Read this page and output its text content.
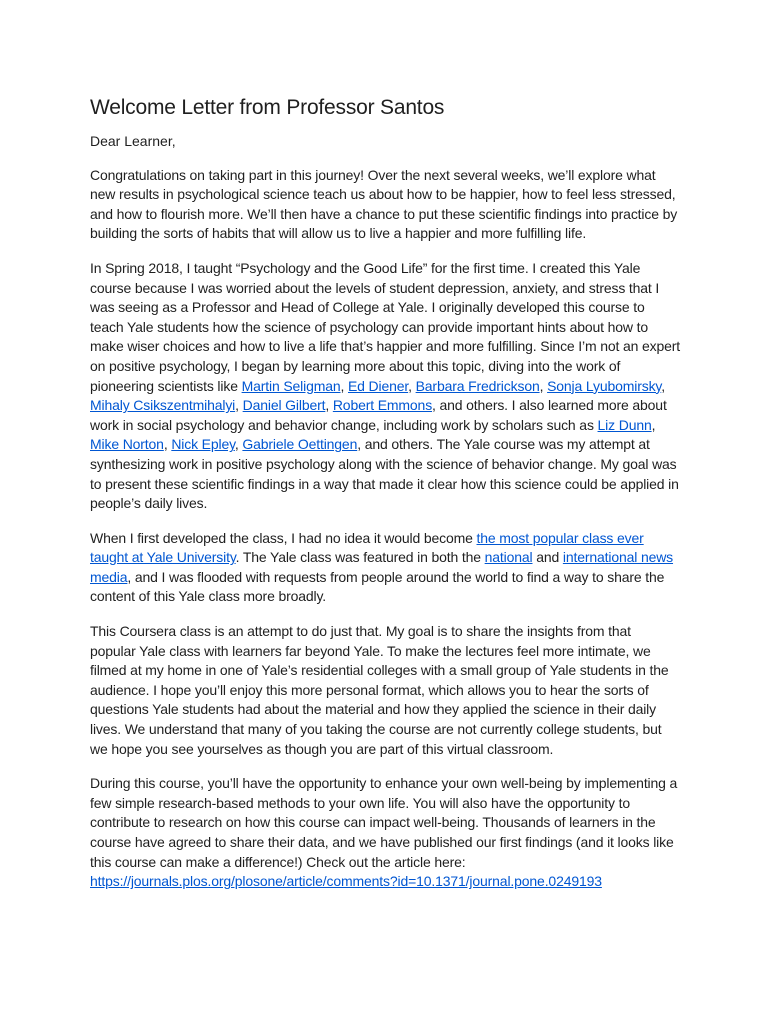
Welcome Letter from Professor Santos
Dear Learner,

Congratulations on taking part in this journey! Over the next several weeks, we’ll explore what new results in psychological science teach us about how to be happier, how to feel less stressed, and how to flourish more. We’ll then have a chance to put these scientific findings into practice by building the sorts of habits that will allow us to live a happier and more fulfilling life.

In Spring 2018, I taught “Psychology and the Good Life” for the first time. I created this Yale course because I was worried about the levels of student depression, anxiety, and stress that I was seeing as a Professor and Head of College at Yale. I originally developed this course to teach Yale students how the science of psychology can provide important hints about how to make wiser choices and how to live a life that’s happier and more fulfilling. Since I’m not an expert on positive psychology, I began by learning more about this topic, diving into the work of pioneering scientists like Martin Seligman, Ed Diener, Barbara Fredrickson, Sonja Lyubomirsky, Mihaly Csikszentmihalyi, Daniel Gilbert, Robert Emmons, and others. I also learned more about work in social psychology and behavior change, including work by scholars such as Liz Dunn, Mike Norton, Nick Epley, Gabriele Oettingen, and others. The Yale course was my attempt at synthesizing work in positive psychology along with the science of behavior change. My goal was to present these scientific findings in a way that made it clear how this science could be applied in people’s daily lives.

When I first developed the class, I had no idea it would become the most popular class ever taught at Yale University. The Yale class was featured in both the national and international news media, and I was flooded with requests from people around the world to find a way to share the content of this Yale class more broadly.

This Coursera class is an attempt to do just that. My goal is to share the insights from that popular Yale class with learners far beyond Yale. To make the lectures feel more intimate, we filmed at my home in one of Yale’s residential colleges with a small group of Yale students in the audience. I hope you’ll enjoy this more personal format, which allows you to hear the sorts of questions Yale students had about the material and how they applied the science in their daily lives. We understand that many of you taking the course are not currently college students, but we hope you see yourselves as though you are part of this virtual classroom.

During this course, you’ll have the opportunity to enhance your own well-being by implementing a few simple research-based methods to your own life. You will also have the opportunity to contribute to research on how this course can impact well-being. Thousands of learners in the course have agreed to share their data, and we have published our first findings (and it looks like this course can make a difference!) Check out the article here: https://journals.plos.org/plosone/article/comments?id=10.1371/journal.pone.0249193
